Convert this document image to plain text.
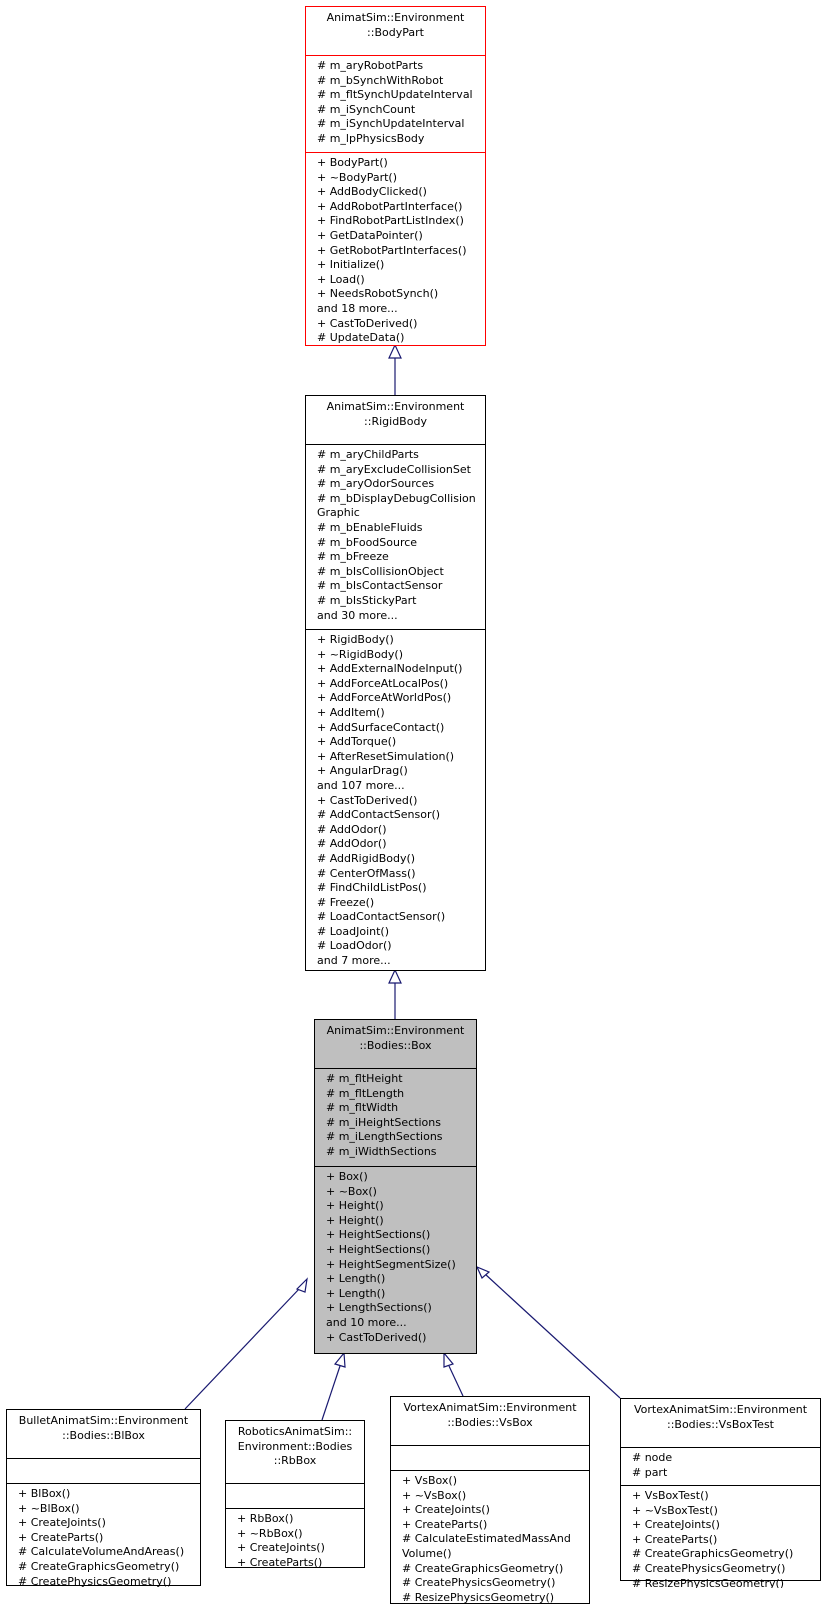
AnimatSim::Environment
::BodyPart
# m_aryRobotParts
# m_bSynchWithRobot
# m_fltSynchUpdateInterval
# m_iSynchCount
# m_iSynchUpdateInterval
# m_lpPhysicsBody
+ BodyPart()
+ ~BodyPart()
+ AddBodyClicked()
+ AddRobotPartInterface()
+ FindRobotPartListIndex()
+ GetDataPointer()
+ GetRobotPartInterfaces()
+ Initialize()
+ Load()
+ NeedsRobotSynch()
and 18 more...
+ CastToDerived()
# UpdateData()
AnimatSim::Environment
::RigidBody
# m_aryChildParts
# m_aryExcludeCollisionSet
# m_aryOdorSources
# m_bDisplayDebugCollision
Graphic
# m_bEnableFluids
# m_bFoodSource
# m_bFreeze
# m_bIsCollisionObject
# m_bIsContactSensor
# m_bIsStickyPart
and 30 more...
+ RigidBody()
+ ~RigidBody()
+ AddExternalNodeInput()
+ AddForceAtLocalPos()
+ AddForceAtWorldPos()
+ AddItem()
+ AddSurfaceContact()
+ AddTorque()
+ AfterResetSimulation()
+ AngularDrag()
and 107 more...
+ CastToDerived()
# AddContactSensor()
# AddOdor()
# AddOdor()
# AddRigidBody()
# CenterOfMass()
# FindChildListPos()
# Freeze()
# LoadContactSensor()
# LoadJoint()
# LoadOdor()
and 7 more...
AnimatSim::Environment
::Bodies::Box
# m_fltHeight
# m_fltLength
# m_fltWidth
# m_iHeightSections
# m_iLengthSections
# m_iWidthSections
+ Box()
+ ~Box()
+ Height()
+ Height()
+ HeightSections()
+ HeightSections()
+ HeightSegmentSize()
+ Length()
+ Length()
+ LengthSections()
and 10 more...
+ CastToDerived()
BulletAnimatSim::Environment
::Bodies::BlBox
+ BlBox()
+ ~BlBox()
+ CreateJoints()
+ CreateParts()
# CalculateVolumeAndAreas()
# CreateGraphicsGeometry()
# CreatePhysicsGeometry()
RoboticsAnimatSim::
Environment::Bodies
::RbBox
+ RbBox()
+ ~RbBox()
+ CreateJoints()
+ CreateParts()
VortexAnimatSim::Environment
::Bodies::VsBox
+ VsBox()
+ ~VsBox()
+ CreateJoints()
+ CreateParts()
# CalculateEstimatedMassAnd
Volume()
# CreateGraphicsGeometry()
# CreatePhysicsGeometry()
# ResizePhysicsGeometry()
VortexAnimatSim::Environment
::Bodies::VsBoxTest
# node
# part
+ VsBoxTest()
+ ~VsBoxTest()
+ CreateJoints()
+ CreateParts()
# CreateGraphicsGeometry()
# CreatePhysicsGeometry()
# ResizePhysicsGeometry()
